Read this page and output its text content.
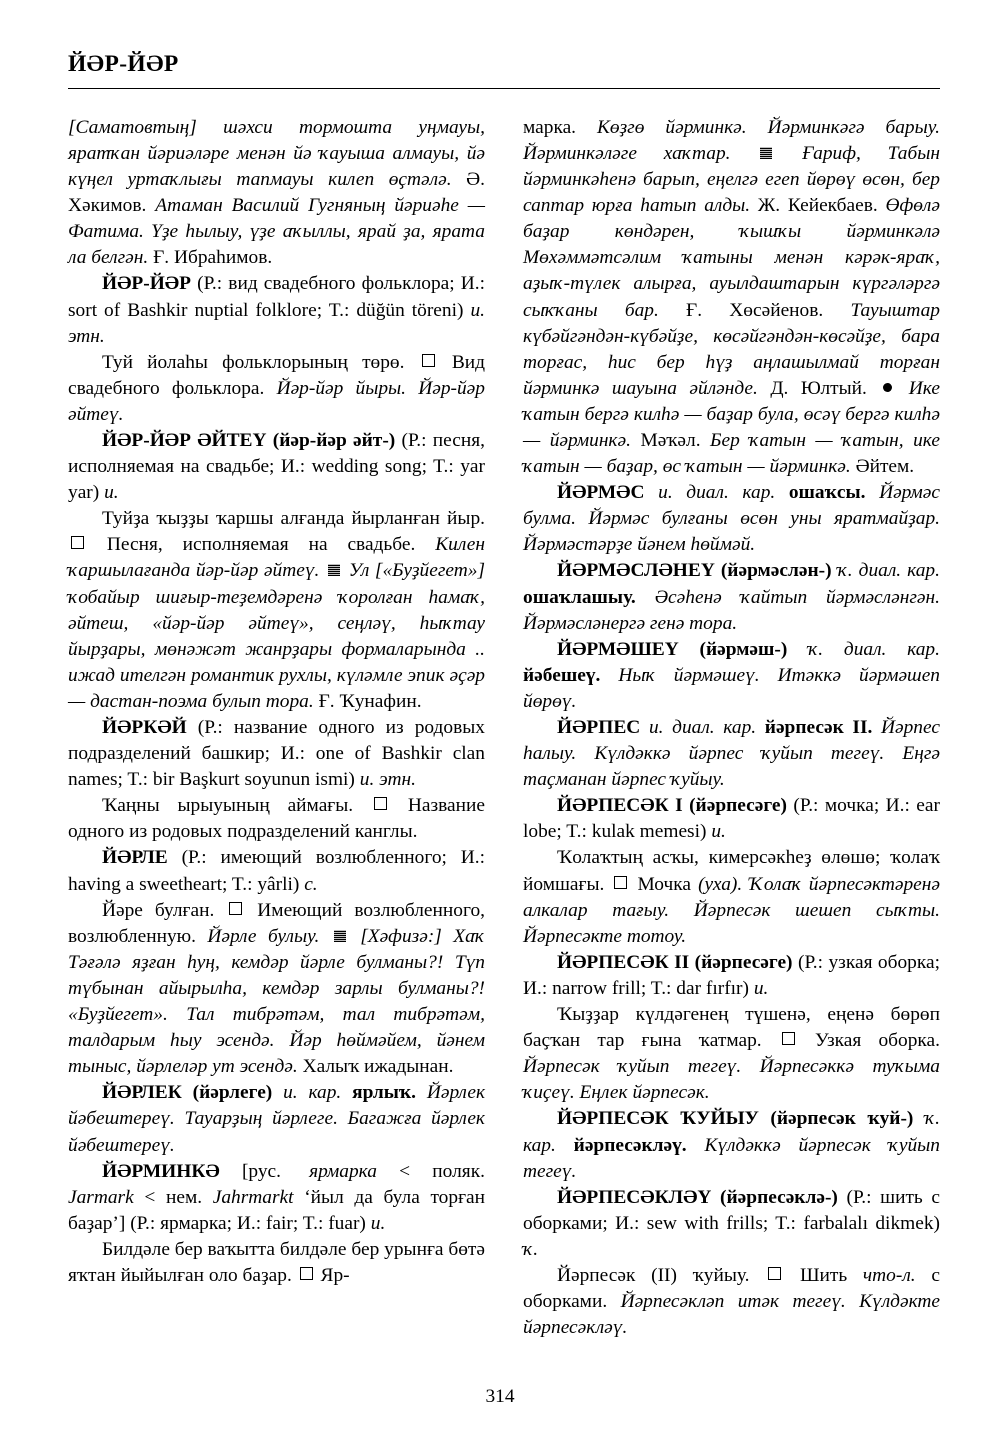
ЙӘР-ЙӘР

[Саматовтың] шәхси тормошта уңмауы, яратҡан йәриәләре менән йә ҡауыша алмауы, йә күңел уртаҡлығы тапмауы килеп өҫтәлә. Ә. Хәкимов. Атаман Василий Гугняның йәриәһе — Фатима. Үҙе һылыу, үҙе аҡыллы, ярай ҙа, ярата ла белгән. Ғ. Ибраһимов.

ЙӘР-ЙӘР (Р.: вид свадебного фольклора; И.: sort of Bashkir nuptial folklore; T.: düğün töreni) и. этн.

Туй йолаһы фольклорының төрө. Вид свадебного фольклора. Йәр-йәр йыры. Йәр-йәр әйтеү.

ЙӘР-ЙӘР ӘЙТЕҮ (йәр-йәр әйт-) (Р.: песня, исполняемая на свадьбе; И.: wedding song; T.: yar yar) и.

Туйҙа ҡыҙҙы ҡаршы алғанда йырланған йыр.  Песня, исполняемая на свадьбе. Килен ҡаршылағанда йәр-йәр әйтеү. Ул [«Буҙйегет»] ҡобайыр шиғыр-теҙемдәренә ҡоролған һамаҡ, әйтеш, «йәр-йәр әйтеү», сеңләү, һыҡтау йырҙары, мөнәжәт жанрҙары формаларында .. ижад ителгән романтик рухлы, күләмле эпик әҫәр — дастан-поэма булып тора. Ғ. Ҡунафин.

ЙӘРКӘЙ (Р.: название одного из родовых подразделений башкир; И.: one of Bashkir clan names; T.: bir Başkurt soyunun ismi) и. этн.

Ҡаңны ырыуының аймағы.	Название одного из родовых подразделений канглы.

ЙӘРЛЕ (Р.: имеющий возлюбленного; И.: having a sweetheart; T.: yârli) с.

Йәре булған. Имеющий возлюбленного, возлюбленную. Йәрле булыу. [Хәфизә:] Хаҡ Тәғәлә яҙған һуң, кемдәр йәрле булманы?! Түп түбынан айырылһа, кемдәр зарлы булманы?! «Буҙйегет». Тал тибрәтәм, тал тибрәтәм, талдарым һыу эсендә. Йәр һөймәйем, йәнем тыныс, йәрлеләр ут эсендә. Халыҡ ижадынан.

ЙӘРЛЕК (йәрлеге) и. кар. ярлыҡ. Йәрлек йәбештереү. Тауарҙың йәрлеге. Багажға йәрлек йәбештереү.

ЙӘРМИНКӘ [рус. ярмарка < поляк. Jarmark < нем. Jahrmarkt ‘йыл да була торған баҙар’] (Р.: ярмарка; И.: fair; T.: fuar) и.

Билдәле бер ваҡытта билдәле бер урынға бөтә яҡтан йыйылған оло баҙар. Яр-

марка. Көҙгө йәрминкә. Йәрминкәгә барыу. Йәрминкәләге хаҡтар.	Ғариф, Табын йәрминкәһенә барып, еңелгә егеп йөрөү өсөн, бер саптар юрға һатып алды. Ж. Кейекбаев. Өфөлә баҙар көндәрен, ҡышҡы йәрминкәлә Мөхәммәтсәлим ҡатыны менән кәрәк-яраҡ, аҙыҡ-түлек алырға, ауылдаштарын күргәләргә сыҡҡаны бар. Ғ. Хөсәйенов. Тауыштар күбәйгәндән-күбәйҙе, көсәйгәндән-көсәйҙе, бара торғас, һис бер һүҙ аңлашылмай торған йәрминкә шауына әйләнде. Д. Юлтый. Ике ҡатын бергә килһә — баҙар була, өсәү бергә килһә — йәрминкә. Мәҡәл. Бер ҡатын — ҡатын, ике ҡатын — баҙар, өс ҡатын — йәрминкә. Әйтем.

ЙӘРМӘС и. диал. кар. ошаҡсы. Йәрмәс булма. Йәрмәс булғаны өсөн уны яратмайҙар. Йәрмәстәрҙе йәнем һөймәй.

ЙӘРМӘСЛӘНЕҮ (йәрмәслән-) ҡ. диал. кар. ошаҡлашыу. Әсәһенә ҡайтып йәрмәсләнгән. Йәрмәсләнергә генә тора.

ЙӘРМӘШЕҮ (йәрмәш-) ҡ. диал. кар. йәбешеү. Ныҡ йәрмәшеү. Итәккә йәрмәшеп йөрөү.

ЙӘРПЕС и. диал. кар. йәрпесәк II. Йәрпес һалыу. Күлдәккә йәрпес ҡуйып тегеү. Еңгә таҫманан йәрпес ҡуйыу.

ЙӘРПЕСӘК I (йәрпесәге) (Р.: мочка; И.: ear lobe; T.: kulak memesi) и.

Ҡолаҡтың асҡы, кимерсәкһеҙ өлөшө; ҡолаҡ йомшағы. Мочка (уха). Ҡолаҡ йәрпесәктәренә алкалар тағыу. Йәрпесәк шешеп сыҡты. Йәрпесәкте тотоу.

ЙӘРПЕСӘК II (йәрпесәге) (Р.: узкая оборка; И.: narrow frill; T.: dar fırfır) и.

Ҡыҙҙар күлдәгенең түшенә, еңенә бөрөп баҫҡан тар ғына ҡатмар.	Узкая оборка. Йәрпесәк ҡуйып тегеү. Йәрпесәккә туҡыма ҡиҫеү. Еңлек йәрпесәк.

ЙӘРПЕСӘК ҠУЙЫУ (йәрпесәк ҡуй-) ҡ. кар. йәрпесәкләү. Күлдәккә йәрпесәк ҡуйып тегеү.

ЙӘРПЕСӘКЛӘҮ (йәрпесәклә-) (Р.: шить с оборками; И.: sew with frills; T.: farbalalı dikmek) ҡ.

Йәрпесәк (II) ҡуйыу.	Шить что-л. с оборками. Йәрпесәкләп итәк тегеү. Күлдәкте йәрпесәкләү.

314
